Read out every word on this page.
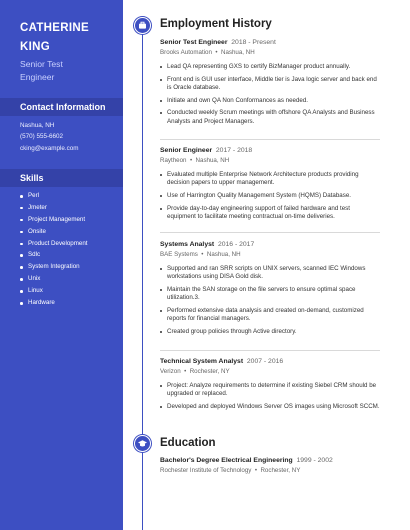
CATHERINE
KING
Senior Test
Engineer
Contact Information
Nashua, NH
(570) 555-6602
cking@example.com
Skills
Perl
Jmeter
Project Management
Onsite
Product Development
Sdlc
System Integration
Unix
Linux
Hardware
Employment History
Senior Test Engineer 2018 - Present
Brooks Automation  •  Nashua, NH
Lead QA representing GXS to certify BizManager product annually.
Front end is GUI user interface, Middle tier is Java logic server and back end is Oracle database.
Initiate and own QA Non Conformances as needed.
Conducted weekly Scrum meetings with offshore QA Analysts and Business Analysts and Project Managers.
Senior Engineer 2017 - 2018
Raytheon  •  Nashua, NH
Evaluated multiple Enterprise Network Architecture products providing decision papers to upper management.
Use of Harrington Quality Management System (HQMS) Database.
Provide day-to-day engineering support of failed hardware and test equipment to facilitate meeting contractual on-time deliveries.
Systems Analyst 2016 - 2017
BAE Systems  •  Nashua, NH
Supported and ran SRR scripts on UNIX servers, scanned IEC Windows workstations using DISA Gold disk.
Maintain the SAN storage on the file servers to ensure optimal space utilization.3.
Performed extensive data analysis and created on-demand, customized reports for financial managers.
Created group policies through Active directory.
Technical System Analyst 2007 - 2016
Verizon  •  Rochester, NY
Project: Analyze requirements to determine if existing Siebel CRM should be upgraded or replaced.
Developed and deployed Windows Server OS images using Microsoft SCCM.
Education
Bachelor's Degree Electrical Engineering 1999 - 2002
Rochester Institute of Technology  •  Rochester, NY
